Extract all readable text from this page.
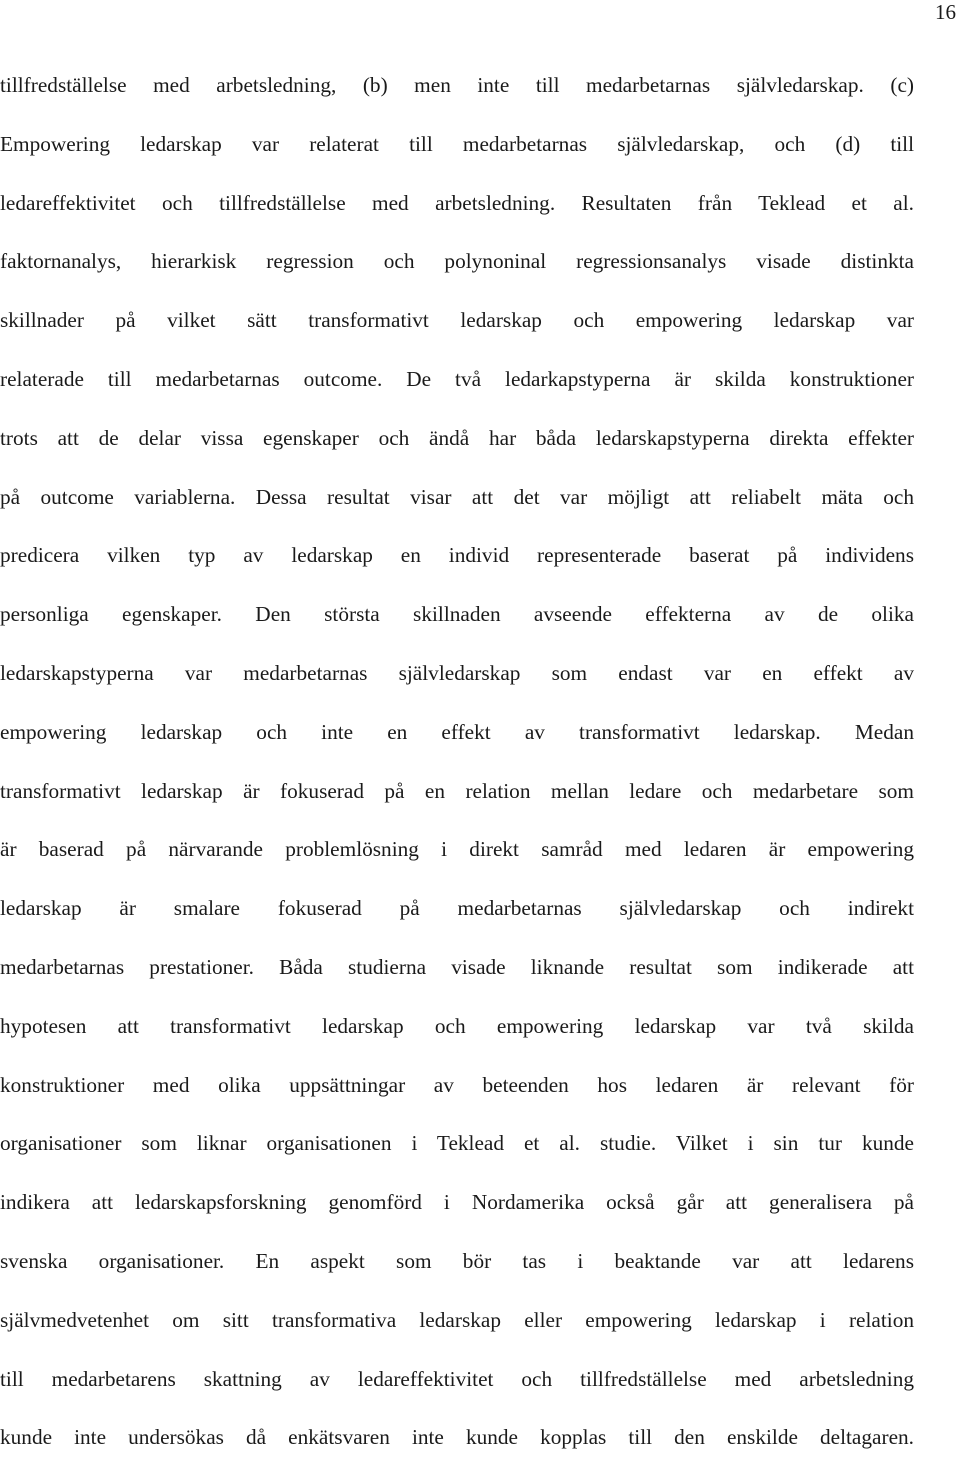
16
tillfredställelse med arbetsledning, (b) men inte till medarbetarnas självledarskap. (c)
Empowering ledarskap var relaterat till medarbetarnas självledarskap, och (d) till
ledareffektivitet och tillfredställelse med arbetsledning. Resultaten från Teklead et al.
faktornanalys, hierarkisk regression och polynoninal regressionsanalys visade distinkta
skillnader på vilket sätt transformativt ledarskap och empowering ledarskap var
relaterade till medarbetarnas outcome. De två ledarkapstyperna är skilda konstruktioner
trots att de delar vissa egenskaper och ändå har båda ledarskapstyperna direkta effekter
på outcome variablerna. Dessa resultat visar att det var möjligt att reliabelt mäta och
predicera vilken typ av ledarskap en individ representerade baserat på individens
personliga egenskaper. Den största skillnaden avseende effekterna av de olika
ledarskapstyperna var medarbetarnas självledarskap som endast var en effekt av
empowering ledarskap och inte en effekt av transformativt ledarskap. Medan
transformativt ledarskap är fokuserad på en relation mellan ledare och medarbetare som
är baserad på närvarande problemlösning i direkt samråd med ledaren är empowering
ledarskap är smalare fokuserad på medarbetarnas självledarskap och indirekt
medarbetarnas prestationer. Båda studierna visade liknande resultat som indikerade att
hypotesen att transformativt ledarskap och empowering ledarskap var två skilda
konstruktioner med olika uppsättningar av beteenden hos ledaren är relevant för
organisationer som liknar organisationen i Teklead et al. studie. Vilket i sin tur kunde
indikera att ledarskapsforskning genomförd i Nordamerika också går att generalisera på
svenska organisationer. En aspekt som bör tas i beaktande var att ledarens
självmedvetenhet om sitt transformativa ledarskap eller empowering ledarskap i relation
till medarbetarens skattning av ledareffektivitet och tillfredställelse med arbetsledning
kunde inte undersökas då enkätsvaren inte kunde kopplas till den enskilde deltagaren.
